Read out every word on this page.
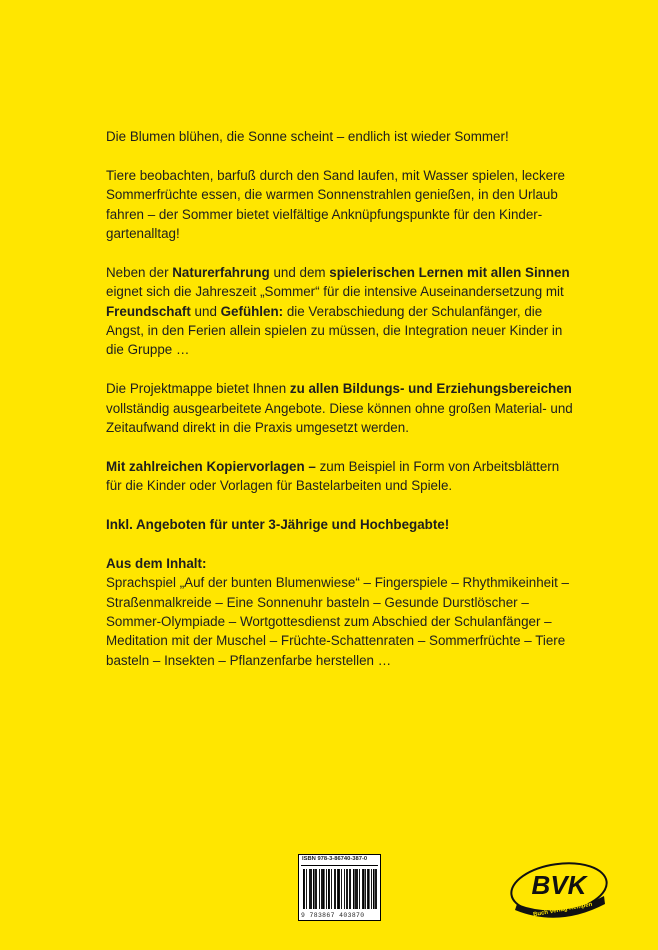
Die Blumen blühen, die Sonne scheint – endlich ist wieder Sommer!

Tiere beobachten, barfuß durch den Sand laufen, mit Wasser spielen, leckere Sommerfrüchte essen, die warmen Sonnenstrahlen genießen, in den Urlaub fahren – der Sommer bietet vielfältige Anknüpfungspunkte für den Kindergartenalltag!

Neben der Naturerfahrung und dem spielerischen Lernen mit allen Sinnen eignet sich die Jahreszeit „Sommer“ für die intensive Auseinandersetzung mit Freundschaft und Gefühlen: die Verabschiedung der Schulanfänger, die Angst, in den Ferien allein spielen zu müssen, die Integration neuer Kinder in die Gruppe …

Die Projektmappe bietet Ihnen zu allen Bildungs- und Erziehungsbereichen vollständig ausgearbeitete Angebote. Diese können ohne großen Material- und Zeitaufwand direkt in die Praxis umgesetzt werden.

Mit zahlreichen Kopiervorlagen – zum Beispiel in Form von Arbeitsblättern für die Kinder oder Vorlagen für Bastelarbeiten und Spiele.

Inkl. Angeboten für unter 3-Jährige und Hochbegabte!

Aus dem Inhalt:
Sprachspiel „Auf der bunten Blumenwiese“ – Fingerspiele – Rhythmikeinheit – Straßenmalkreide – Eine Sonnenuhr basteln – Gesunde Durstlöscher – Sommer-Olympiade – Wortgottesdienst zum Abschied der Schulanfänger – Meditation mit der Muschel – Früchte-Schattenraten – Sommerfrüchte – Tiere basteln – Insekten – Pflanzenfarbe herstellen …

ISBN 978-3-86740-387-0
9 783867 403870
BVK
Buch Verlag Kempen
